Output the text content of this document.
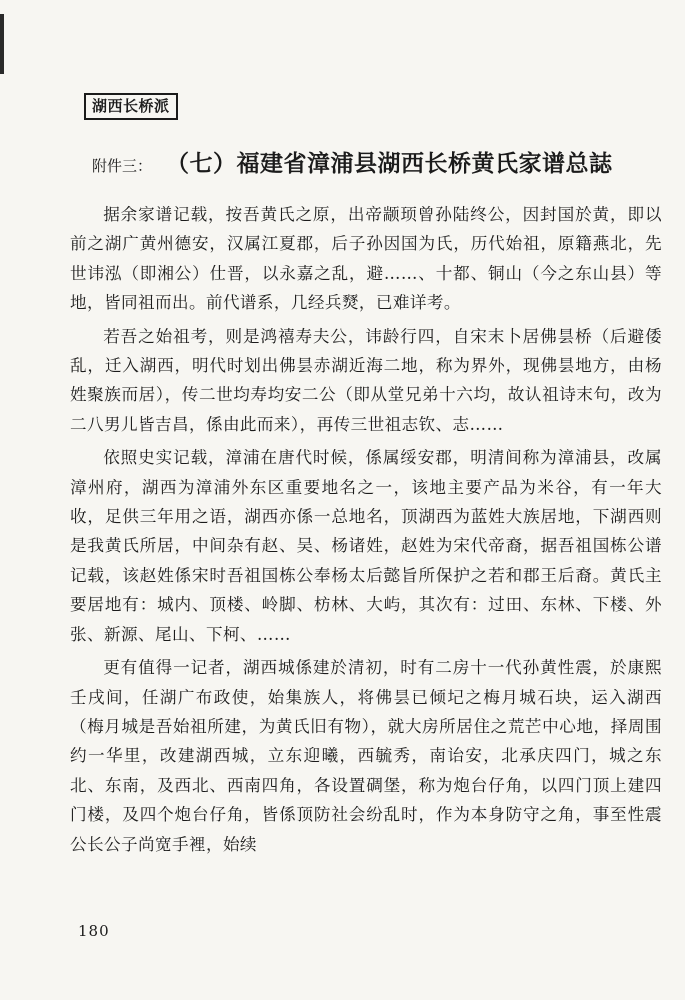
湖西长桥派
附件三： （七）福建省漳浦县湖西长桥黄氏家谱总誌

据余家谱记载，按吾黄氏之原，出帝颛顼曾孙陆终公，因封国於黄，即以前之湖广黄州德安，汉属江夏郡，后子孙因国为氏，历代始祖，原籍燕北，先世讳泓（即湘公）仕晋，以永嘉之乱，避……、十都、铜山（今之东山县）等地，皆同祖而出。前代谱系，几经兵燹，已难详考。

若吾之始祖考，则是鸿禧寿夫公，讳龄行四，自宋末卜居佛昙桥（后避倭乱，迁入湖西，明代时划出佛昙赤湖近海二地，称为界外，现佛昙地方，由杨姓聚族而居），传二世均寿均安二公（即从堂兄弟十六均，故认祖诗末句，改为二八男儿皆吉昌，係由此而来），再传三世祖志钦、志……

依照史实记载，漳浦在唐代时候，係属绥安郡，明清间称为漳浦县，改属漳州府，湖西为漳浦外东区重要地名之一，该地主要产品为米谷，有一年大收，足供三年用之语，湖西亦係一总地名，顶湖西为蓝姓大族居地，下湖西则是我黄氏所居，中间杂有赵、吴、杨诸姓，赵姓为宋代帝裔，据吾祖国栋公谱记载，该赵姓係宋时吾祖国栋公奉杨太后懿旨所保护之若和郡王后裔。黄氏主要居地有：城内、顶楼、岭脚、枋林、大屿，其次有：过田、东林、下楼、外张、新源、尾山、下柯、……

更有值得一记者，湖西城係建於清初，时有二房十一代孙黄性震，於康熙壬戌间，任湖广布政使，始集族人，将佛昙已倾圮之梅月城石块，运入湖西（梅月城是吾始祖所建，为黄氏旧有物），就大房所居住之荒芒中心地，择周围约一华里，改建湖西城，立东迎曦，西毓秀，南诒安，北承庆四门，城之东北、东南，及西北、西南四角，各设置碉堡，称为炮台仔角，以四门顶上建四门楼，及四个炮台仔角，皆係顶防社会纷乱时，作为本身防守之角，事至性震公长公子尚宽手裡，始续

180
